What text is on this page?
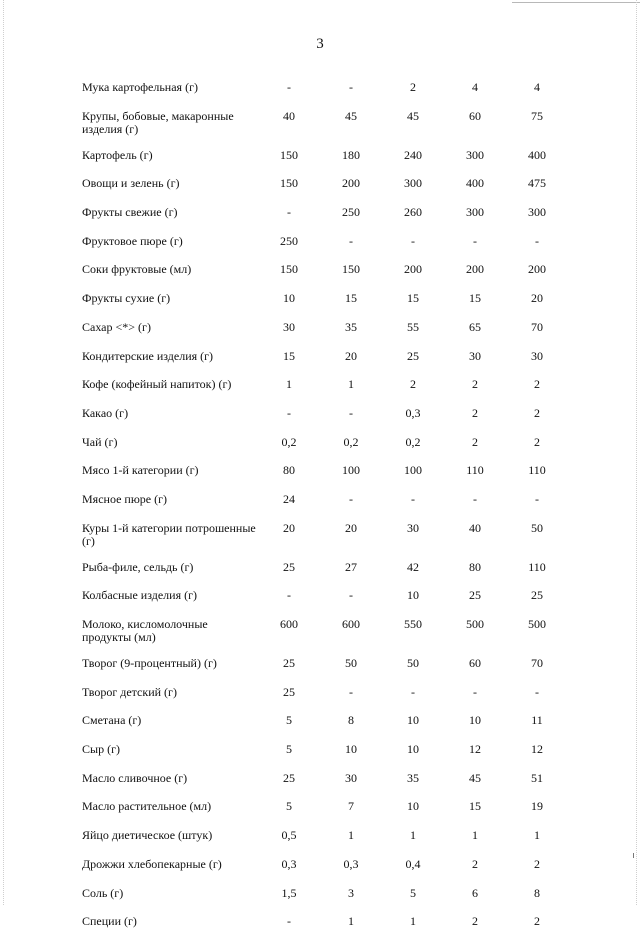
3
Мука картофельная (г)	-	-	2	4	4
Крупы, бобовые, макаронные изделия (г)	40	45	45	60	75
Картофель (г)	150	180	240	300	400
Овощи и зелень (г)	150	200	300	400	475
Фрукты свежие (г)	-	250	260	300	300
Фруктовое пюре (г)	250	-	-	-	-
Соки фруктовые (мл)	150	150	200	200	200
Фрукты сухие (г)	10	15	15	15	20
Сахар <*> (г)	30	35	55	65	70
Кондитерские изделия (г)	15	20	25	30	30
Кофе (кофейный напиток) (г)	1	1	2	2	2
Какао (г)	-	-	0,3	2	2
Чай (г)	0,2	0,2	0,2	2	2
Мясо 1-й категории (г)	80	100	100	110	110
Мясное пюре (г)	24	-	-	-	-
Куры 1-й категории потрошенные (г)	20	20	30	40	50
Рыба-филе, сельдь (г)	25	27	42	80	110
Колбасные изделия (г)	-	-	10	25	25
Молоко, кисломолочные продукты (мл)	600	600	550	500	500
Творог (9-процентный) (г)	25	50	50	60	70
Творог детский (г)	25	-	-	-	-
Сметана (г)	5	8	10	10	11
Сыр (г)	5	10	10	12	12
Масло сливочное (г)	25	30	35	45	51
Масло растительное (мл)	5	7	10	15	19
Яйцо диетическое (штук)	0,5	1	1	1	1
Дрожжи хлебопекарные (г)	0,3	0,3	0,4	2	2
Соль (г)	1,5	3	5	6	8
Специи (г)	-	1	1	2	2
